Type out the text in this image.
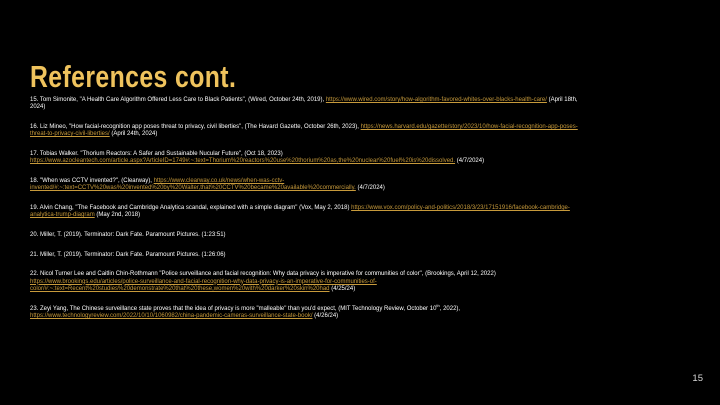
References cont.

15. Tom Simonite, "A Health Care Algorithm Offered Less Care to Black Patients", (Wired, October 24th, 2019), https://www.wired.com/story/how-algorithm-favored-whites-over-blacks-health-care/ (April 18th,
2024)

16. Liz Mineo, "How facial-recognition app poses threat to privacy, civil liberties", (The Havard Gazette, October 26th, 2023), https://news.harvard.edu/gazette/story/2023/10/how-facial-recognition-app-poses-
threat-to-privacy-civil-liberties/ (April 24th, 2024)

17. Tobias Walker. "Thorium Reactors: A Safer and Sustainable Nucular Future", (Oct 18, 2023)
https://www.azocleantech.com/article.aspx?ArticleID=1749#:~:text=Thorium%20reactors%20use%20thorium%20as,the%20nuclear%20fuel%20is%20dissolved. (4/7/2024)

18. "When was CCTV invented?", (Clearway), https://www.clearway.co.uk/news/when-was-cctv-
invented/#:~:text=CCTV%20was%20invented%20by%20Walter,that%20CCTV%20became%20available%20commercially. (4/7/2024)

19. Alvin Chang, "The Facebook and Cambridge Analytica scandal, explained with a simple diagram" (Vox, May 2, 2018) https://www.vox.com/policy-and-politics/2018/3/23/17151916/facebook-cambridge-
analytica-trump-diagram (May 2nd, 2018)

20. Miller, T. (2019). Terminator: Dark Fate. Paramount Pictures. (1:23:51)

21. Miller, T. (2019). Terminator: Dark Fate. Paramount Pictures. (1:26:06)

22. Nicol Turner Lee and Caitlin Chin-Rothmann "Police surveillance and facial recognition: Why data privacy is imperative for communities of color", (Brookings, April 12, 2022)
https://www.brookings.edu/articles/police-surveillance-and-facial-recognition-why-data-privacy-is-an-imperative-for-communities-of-
color/#:~:text=Recent%20studies%20demonstrate%20that%20these,women%20with%20darker%20skin%20had (4/25/24)

23. Zeyi Yang, The Chinese surveillance state proves that the idea of privacy is more "malleable" than you'd expect, (MIT Technology Review, October 10th, 2022),
https://www.technologyreview.com/2022/10/10/1060982/china-pandemic-cameras-surveillance-state-book/ (4/26/24)

15
